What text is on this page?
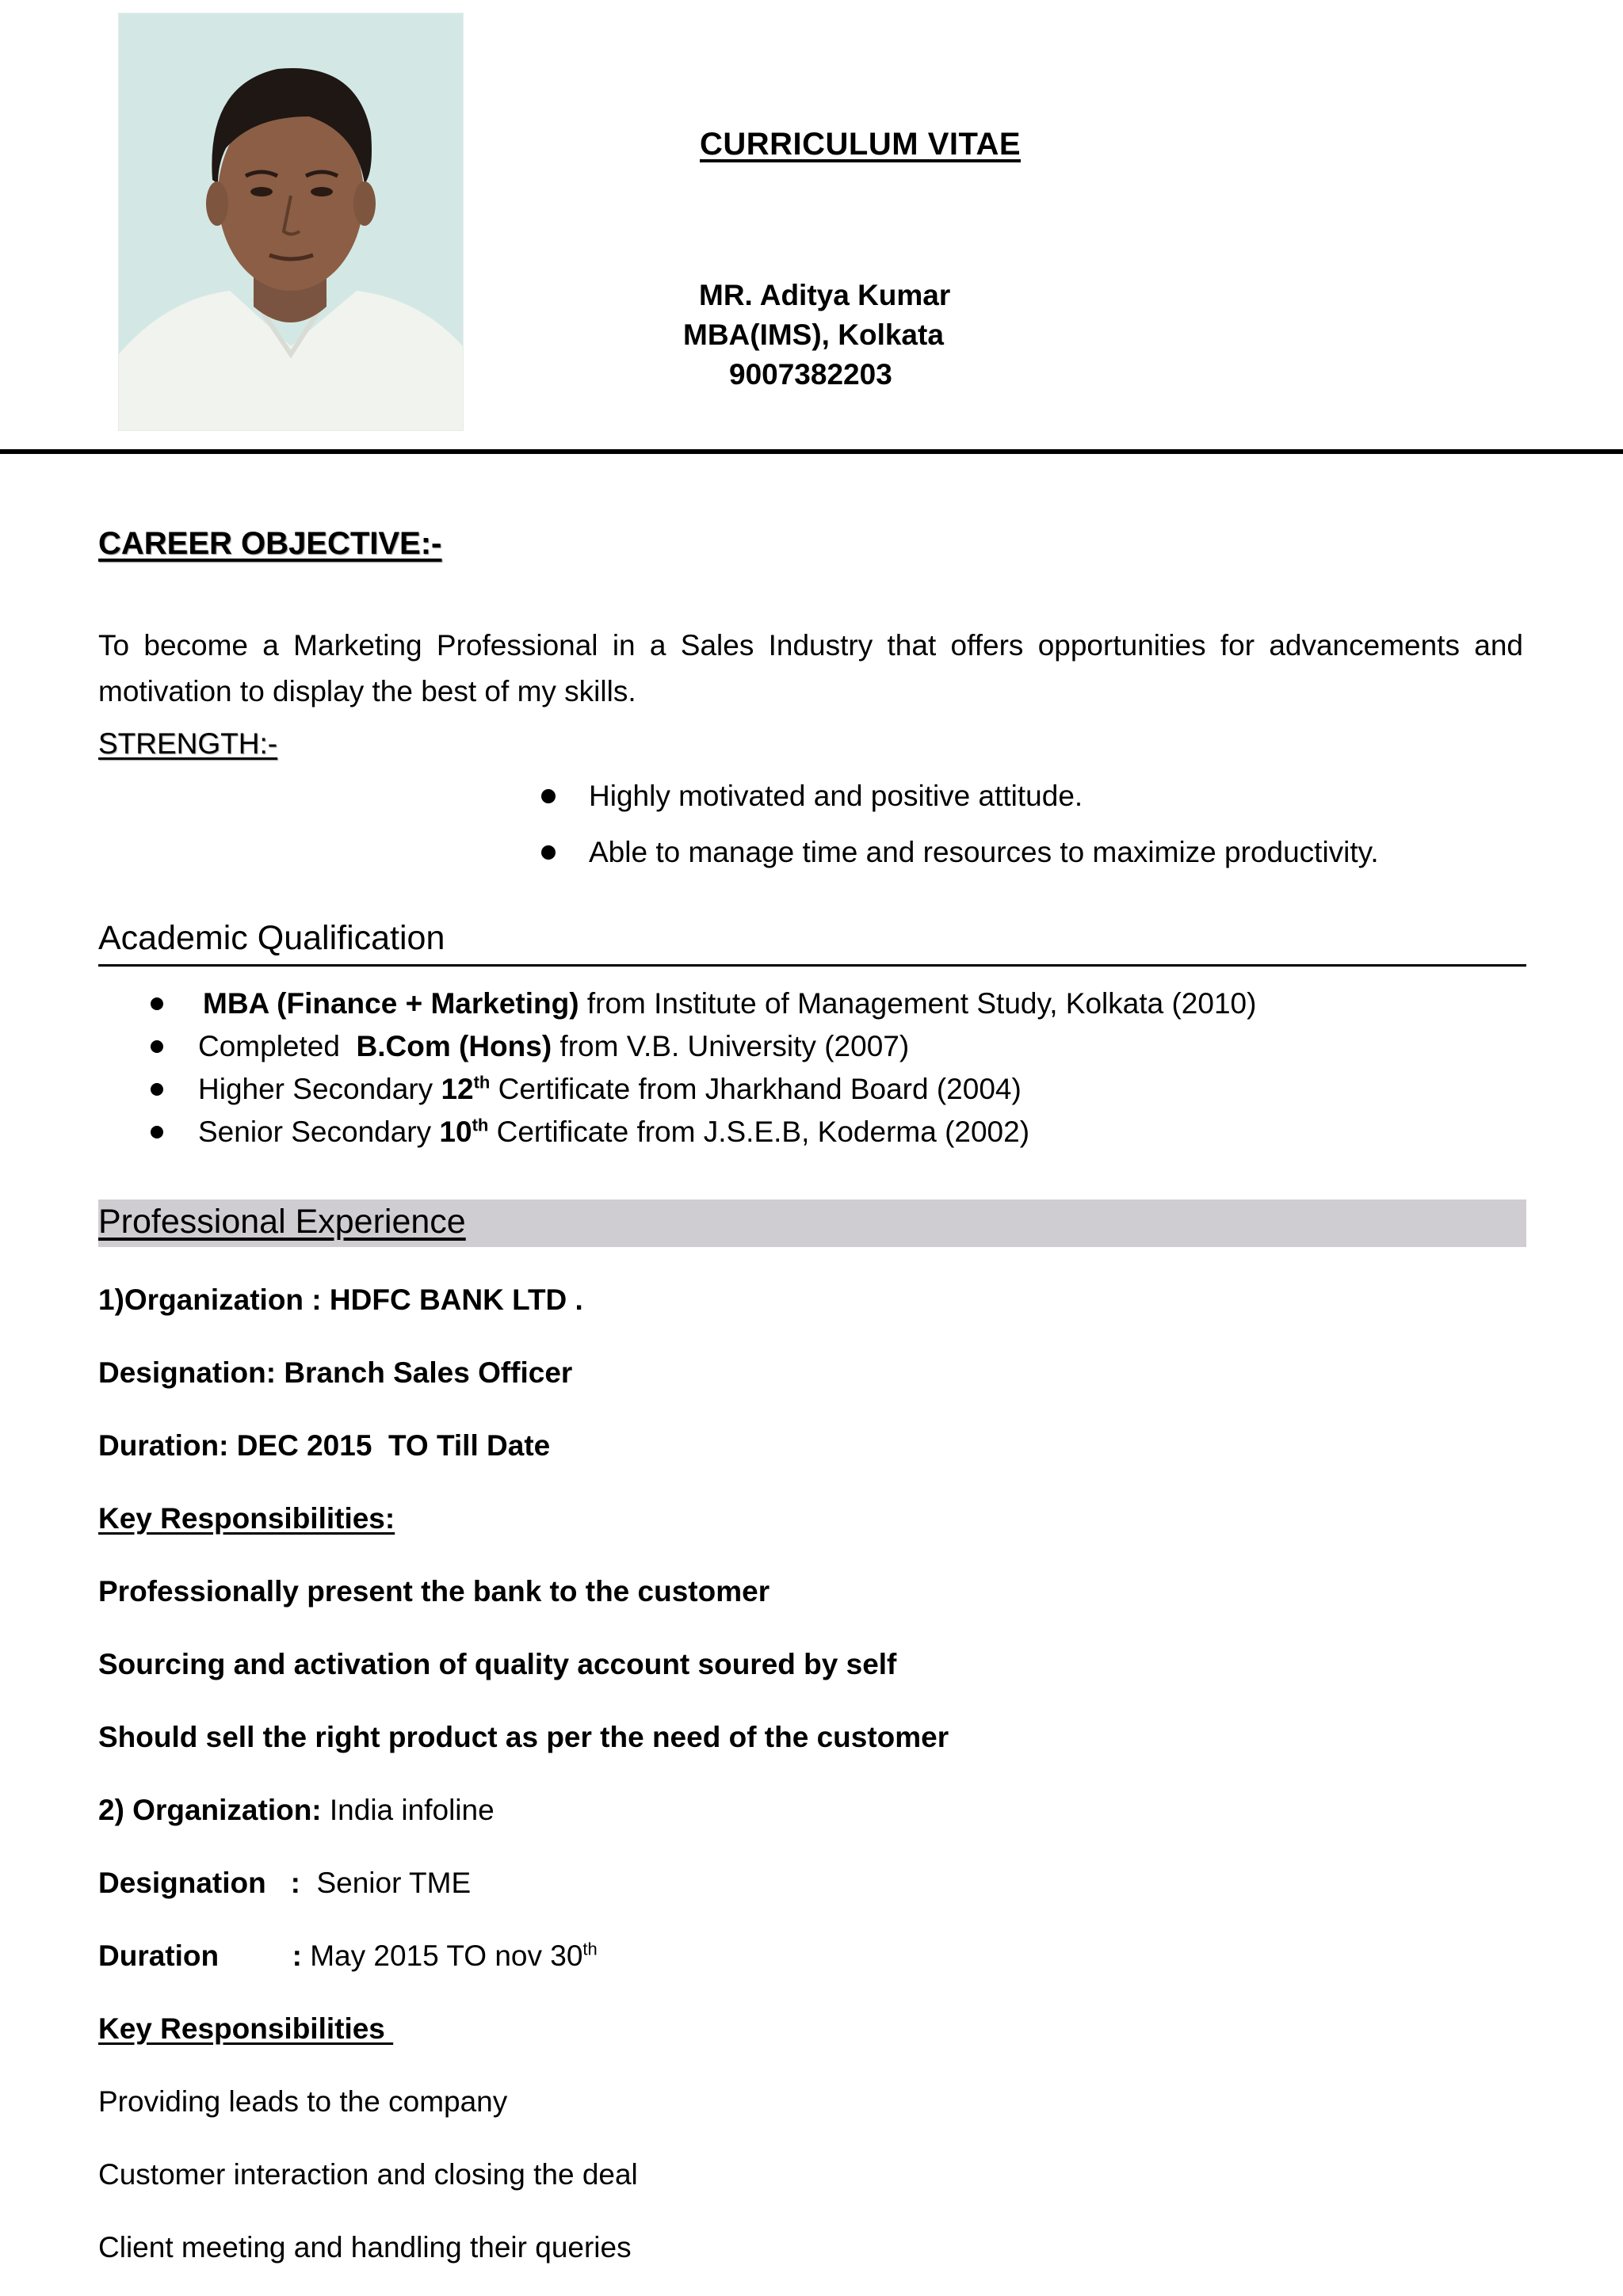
CURRICULUM VITAE
MR. Aditya Kumar
MBA(IMS), Kolkata
9007382203
CAREER OBJECTIVE:-
To become a Marketing Professional in a Sales Industry that offers opportunities for advancements and motivation to display the best of my skills.
STRENGTH:-
Highly motivated and positive attitude.
Able to manage time and resources to maximize productivity.
Academic Qualification
MBA (Finance + Marketing) from Institute of Management Study, Kolkata (2010)
Completed  B.Com (Hons) from V.B. University (2007)
Higher Secondary 12th Certificate from Jharkhand Board (2004)
Senior Secondary 10th Certificate from J.S.E.B, Koderma (2002)
Professional Experience
1)Organization : HDFC BANK LTD .
Designation: Branch Sales Officer
Duration: DEC 2015  TO Till Date
Key Responsibilities:
Professionally present the bank to the customer
Sourcing and activation of quality account soured by self
Should sell the right product as per the need of the customer
2) Organization: India infoline
Designation   :  Senior TME
Duration         : May 2015 TO nov 30th
Key Responsibilities
Providing leads to the company
Customer interaction and closing the deal
Client meeting and handling their queries
